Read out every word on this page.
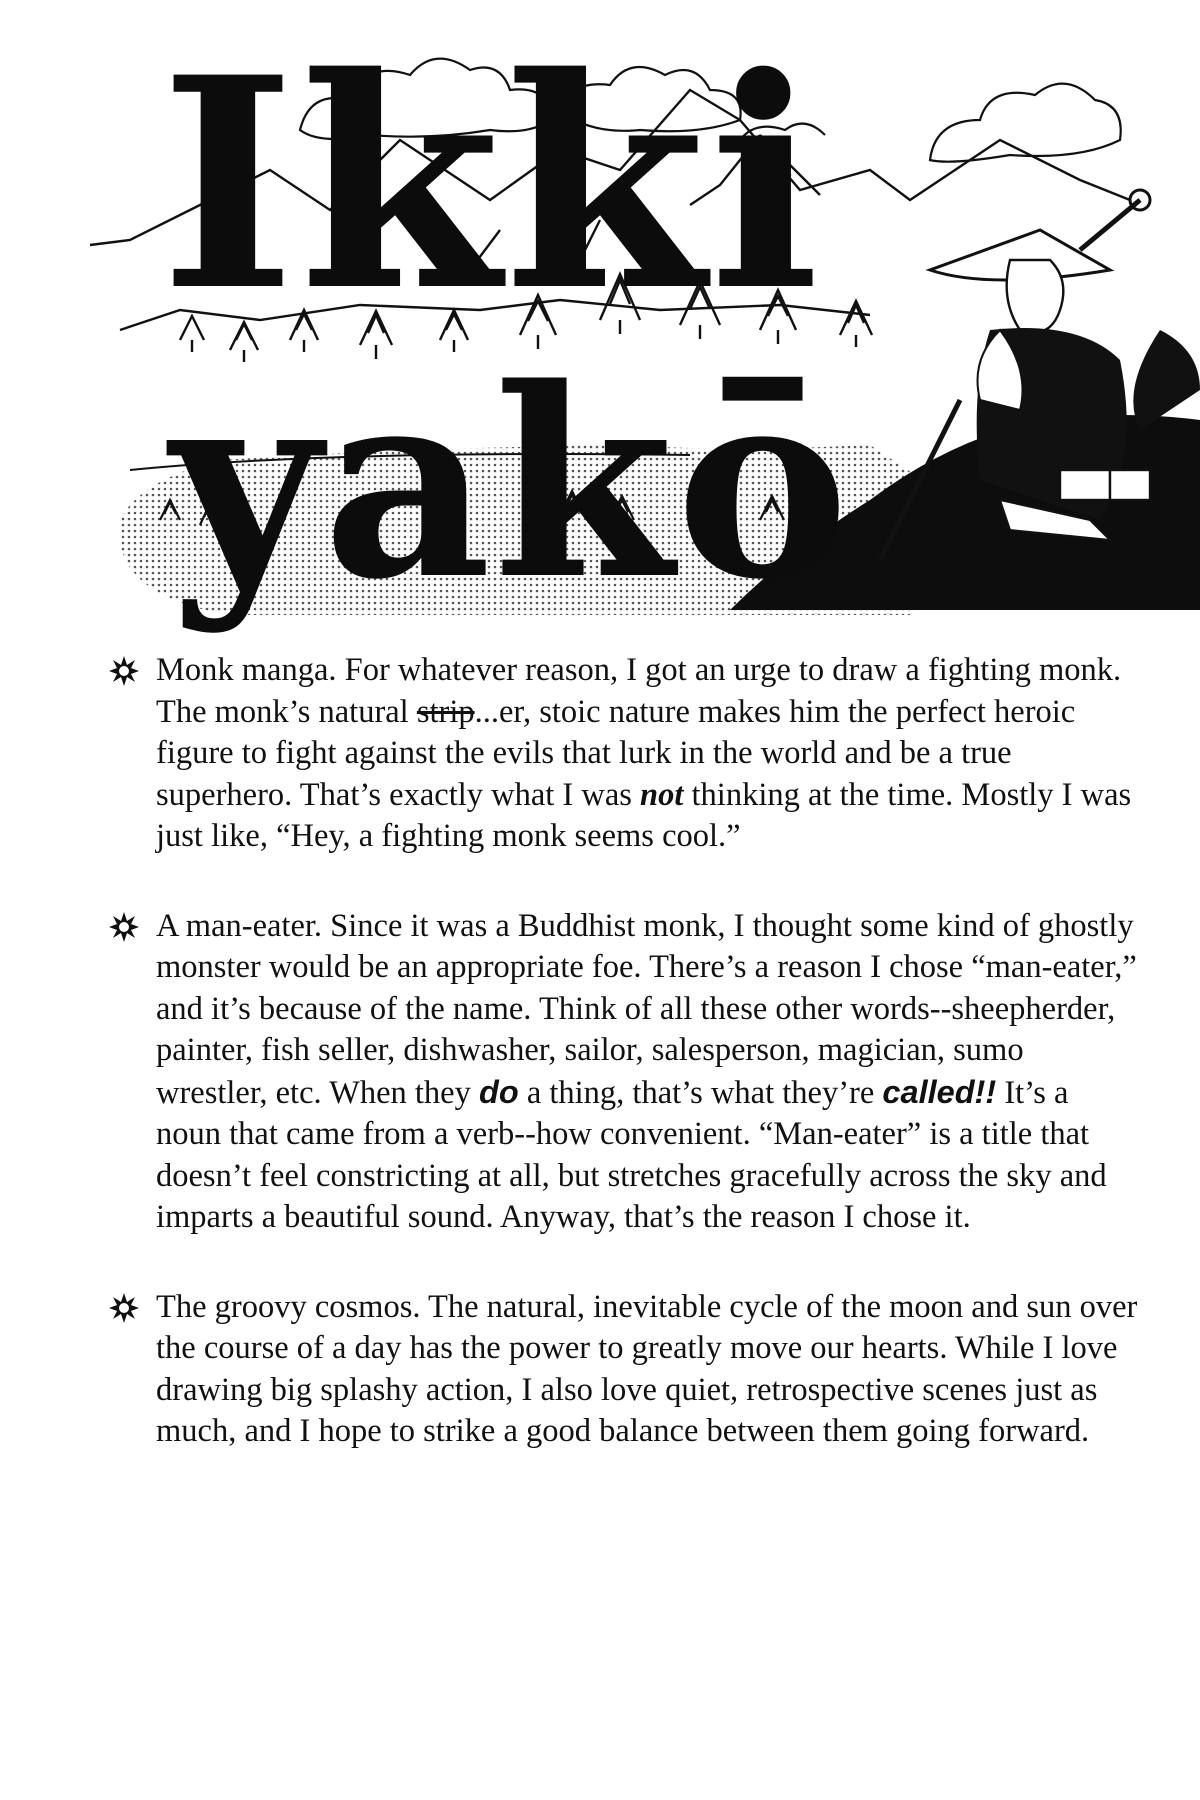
Ikki
yakō

Monk manga. For whatever reason, I got an urge to draw a fighting monk. The monk’s natural strip...er, stoic nature makes him the perfect heroic figure to fight against the evils that lurk in the world and be a true superhero. That’s exactly what I was not thinking at the time. Mostly I was just like, “Hey, a fighting monk seems cool.”

A man-eater. Since it was a Buddhist monk, I thought some kind of ghostly monster would be an appropriate foe. There’s a reason I chose “man-eater,” and it’s because of the name. Think of all these other words--sheepherder, painter, fish seller, dishwasher, sailor, salesperson, magician, sumo wrestler, etc. When they do a thing, that’s what they’re called!! It’s a noun that came from a verb--how convenient. “Man-eater” is a title that doesn’t feel constricting at all, but stretches gracefully across the sky and imparts a beautiful sound. Anyway, that’s the reason I chose it.

The groovy cosmos. The natural, inevitable cycle of the moon and sun over the course of a day has the power to greatly move our hearts. While I love drawing big splashy action, I also love quiet, retrospective scenes just as much, and I hope to strike a good balance between them going forward.
